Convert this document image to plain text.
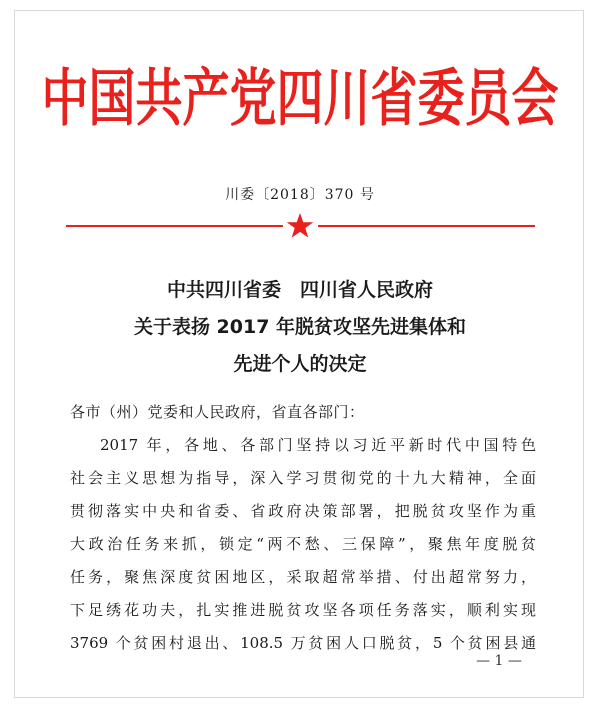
中国共产党四川省委员会
川委〔2018〕370 号
中共四川省委　四川省人民政府
关于表扬 2017 年脱贫攻坚先进集体和
先进个人的决定
各市（州）党委和人民政府，省直各部门：
2017 年，各地、各部门坚持以习近平新时代中国特色
社会主义思想为指导，深入学习贯彻党的十九大精神，全面
贯彻落实中央和省委、省政府决策部署，把脱贫攻坚作为重
大政治任务来抓，锁定“两不愁、三保障”，聚焦年度脱贫
任务，聚焦深度贫困地区，采取超常举措、付出超常努力，
下足绣花功夫，扎实推进脱贫攻坚各项任务落实，顺利实现
3769 个贫困村退出、108.5 万贫困人口脱贫，5 个贫困县通
— 1 —
